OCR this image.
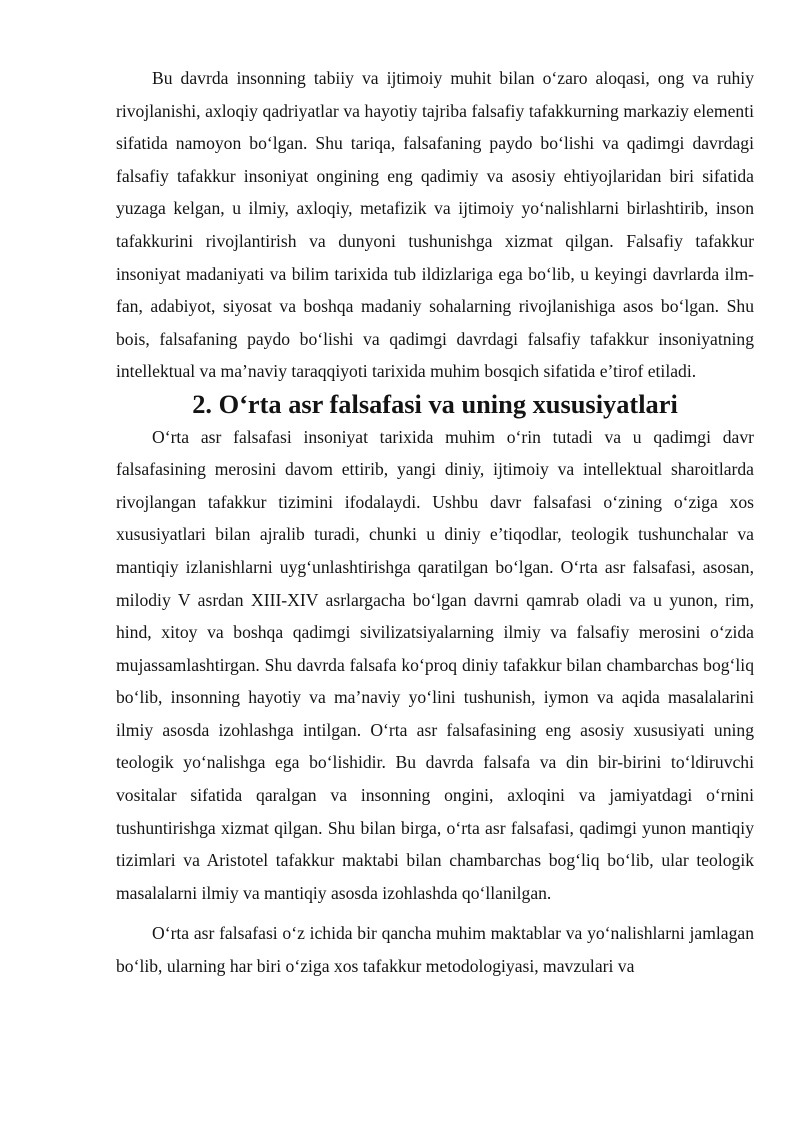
Bu davrda insonning tabiiy va ijtimoiy muhit bilan o‘zaro aloqasi, ong va ruhiy rivojlanishi, axloqiy qadriyatlar va hayotiy tajriba falsafiy tafakkurning markaziy elementi sifatida namoyon bo‘lgan. Shu tariqa, falsafaning paydo bo‘lishi va qadimgi davrdagi falsafiy tafakkur insoniyat ongining eng qadimiy va asosiy ehtiyojlaridan biri sifatida yuzaga kelgan, u ilmiy, axloqiy, metafizik va ijtimoiy yo‘nalishlarni birlashtirib, inson tafakkurini rivojlantirish va dunyoni tushunishga xizmat qilgan. Falsafiy tafakkur insoniyat madaniyati va bilim tarixida tub ildizlariga ega bo‘lib, u keyingi davrlarda ilm-fan, adabiyot, siyosat va boshqa madaniy sohalarning rivojlanishiga asos bo‘lgan. Shu bois, falsafaning paydo bo‘lishi va qadimgi davrdagi falsafiy tafakkur insoniyatning intellektual va ma’naviy taraqqiyoti tarixida muhim bosqich sifatida e’tirof etiladi.

2. O‘rta asr falsafasi va uning xususiyatlari

O‘rta asr falsafasi insoniyat tarixida muhim o‘rin tutadi va u qadimgi davr falsafasining merosini davom ettirib, yangi diniy, ijtimoiy va intellektual sharoitlarda rivojlangan tafakkur tizimini ifodalaydi. Ushbu davr falsafasi o‘zining o‘ziga xos xususiyatlari bilan ajralib turadi, chunki u diniy e’tiqodlar, teologik tushunchalar va mantiqiy izlanishlarni uyg‘unlashtirishga qaratilgan bo‘lgan. O‘rta asr falsafasi, asosan, milodiy V asrdan XIII-XIV asrlargacha bo‘lgan davrni qamrab oladi va u yunon, rim, hind, xitoy va boshqa qadimgi sivilizatsiyalarning ilmiy va falsafiy merosini o‘zida mujassamlashtirgan. Shu davrda falsafa ko‘proq diniy tafakkur bilan chambarchas bog‘liq bo‘lib, insonning hayotiy va ma’naviy yo‘lini tushunish, iymon va aqida masalalarini ilmiy asosda izohlashga intilgan. O‘rta asr falsafasining eng asosiy xususiyati uning teologik yo‘nalishga ega bo‘lishidir. Bu davrda falsafa va din bir-birini to‘ldiruvchi vositalar sifatida qaralgan va insonning ongini, axloqini va jamiyatdagi o‘rnini tushuntirishga xizmat qilgan. Shu bilan birga, o‘rta asr falsafasi, qadimgi yunon mantiqiy tizimlari va Aristotel tafakkur maktabi bilan chambarchas bog‘liq bo‘lib, ular teologik masalalarni ilmiy va mantiqiy asosda izohlashda qo‘llanilgan.

O‘rta asr falsafasi o‘z ichida bir qancha muhim maktablar va yo‘nalishlarni jamlagan bo‘lib, ularning har biri o‘ziga xos tafakkur metodologiyasi, mavzulari va
